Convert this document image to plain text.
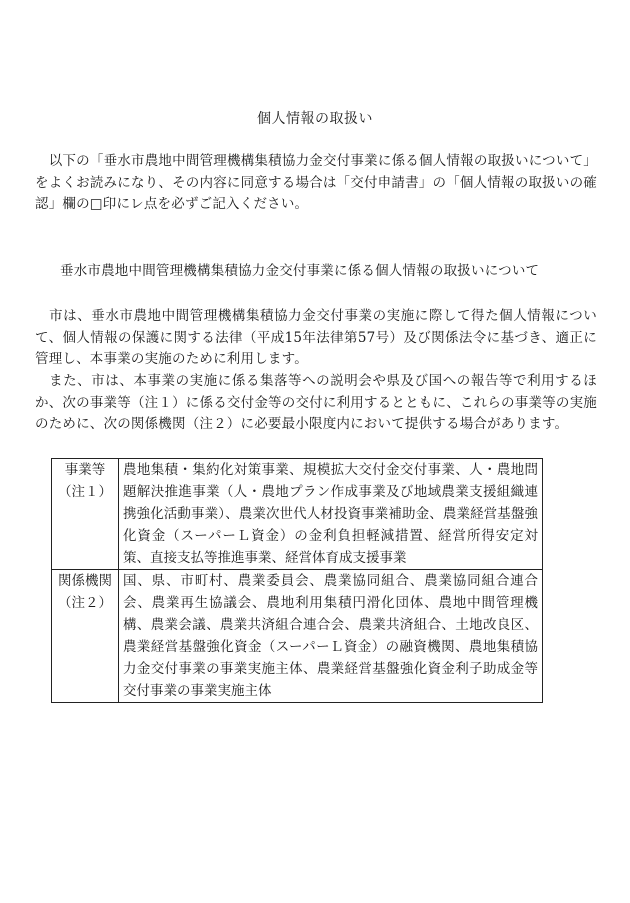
個人情報の取扱い
　以下の「垂水市農地中間管理機構集積協力金交付事業に係る個人情報の取扱いについて」をよくお読みになり、その内容に同意する場合は「交付申請書」の「個人情報の取扱いの確認」欄の□印にレ点を必ずご記入ください。
垂水市農地中間管理機構集積協力金交付事業に係る個人情報の取扱いについて
　市は、垂水市農地中間管理機構集積協力金交付事業の実施に際して得た個人情報について、個人情報の保護に関する法律（平成15年法律第57号）及び関係法令に基づき、適正に管理し、本事業の実施のために利用します。
　また、市は、本事業の実施に係る集落等への説明会や県及び国への報告等で利用するほか、次の事業等（注１）に係る交付金等の交付に利用するとともに、これらの事業等の実施のために、次の関係機関（注２）に必要最小限度内において提供する場合があります。
事業等
（注１）	農地集積・集約化対策事業、規模拡大交付金交付事業、人・農地問題解決推進事業（人・農地プラン作成事業及び地域農業支援組織連携強化活動事業）、農業次世代人材投資事業補助金、農業経営基盤強化資金（スーパーＬ資金）の金利負担軽減措置、経営所得安定対策、直接支払等推進事業、経営体育成支援事業

関係機関
（注２）	国、県、市町村、農業委員会、農業協同組合、農業協同組合連合会、農業再生協議会、農地利用集積円滑化団体、農地中間管理機構、農業会議、農業共済組合連合会、農業共済組合、土地改良区、農業経営基盤強化資金（スーパーＬ資金）の融資機関、農地集積協力金交付事業の事業実施主体、農業経営基盤強化資金利子助成金等交付事業の事業実施主体
